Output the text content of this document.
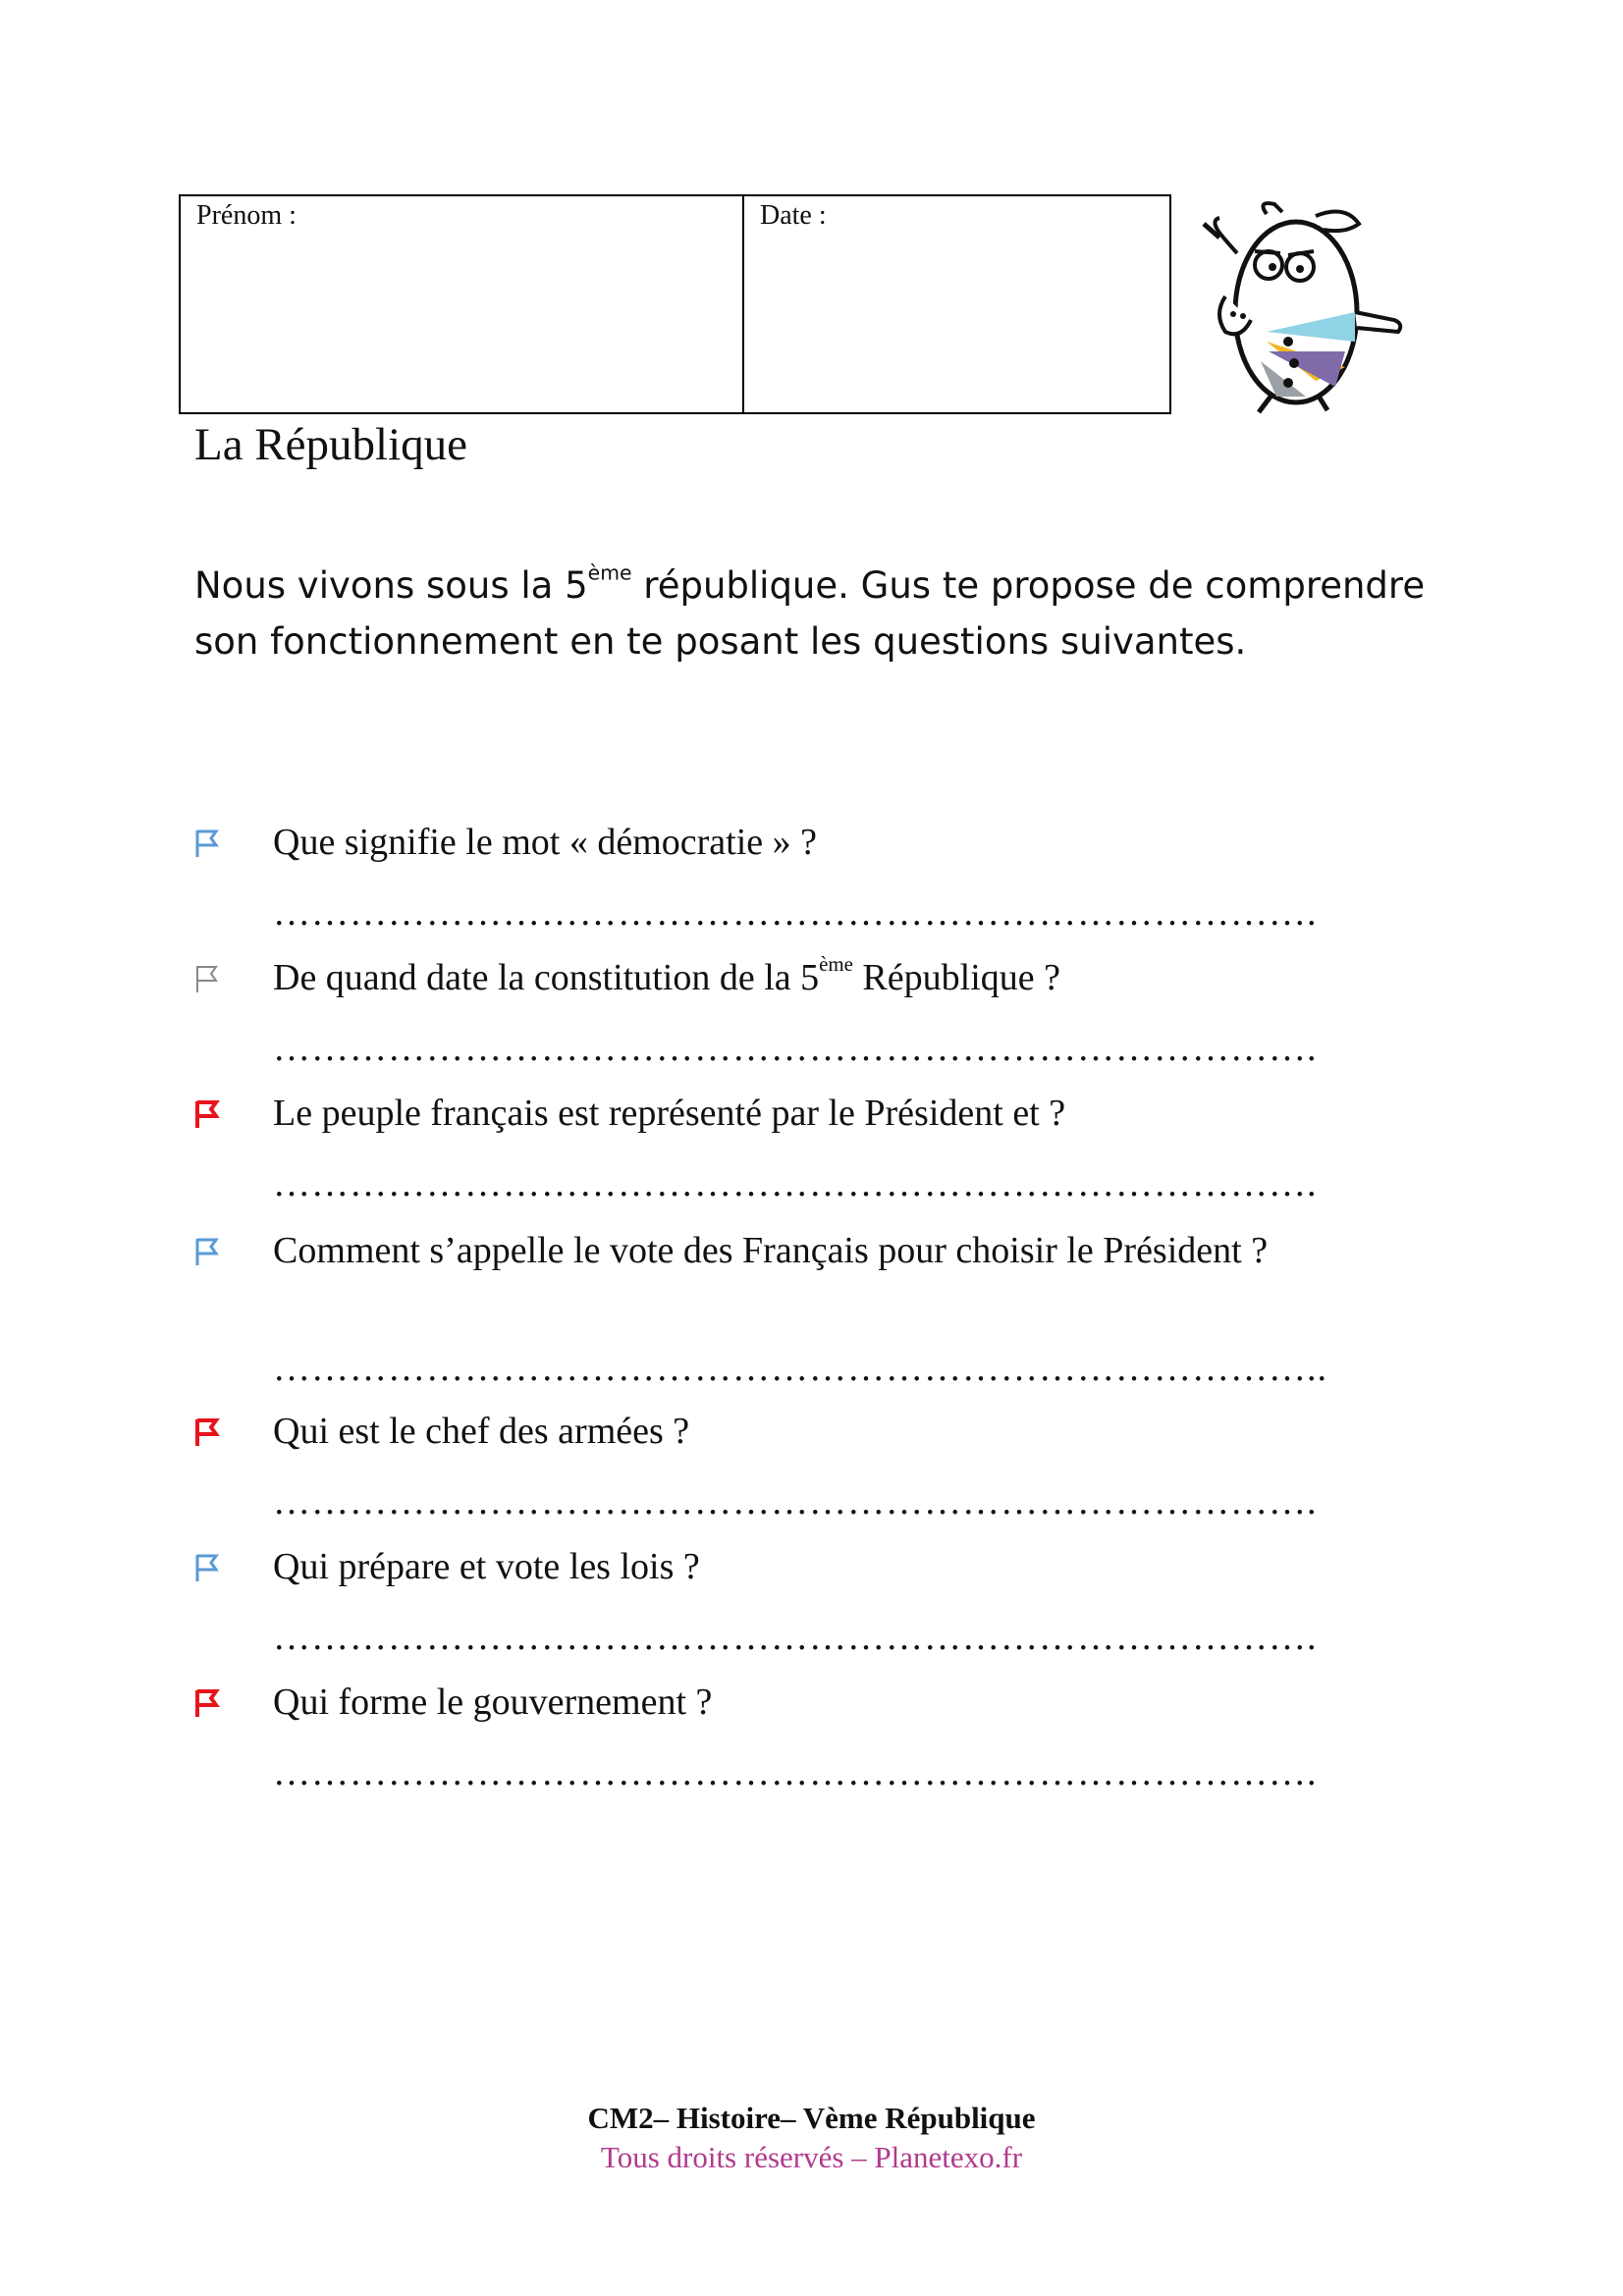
Prénom :	Date :
La République
Nous vivons sous la 5ème république. Gus te propose de comprendre son fonctionnement en te posant les questions suivantes.
Que signifie le mot « démocratie » ?
……………………………………………………………………….
De quand date la constitution de la 5ème République ?
……………………………………………………………………….
Le peuple français est représenté par le Président et ?
……………………………………………………………………….
Comment s’appelle le vote des Français pour choisir le Président ?
………………………………………………………………………..
Qui est le chef des armées ?
……………………………………………………………………….
Qui prépare et vote les lois ?
……………………………………………………………………….
Qui forme le gouvernement ?
……………………………………………………………………….
CM2– Histoire– Vème République
Tous droits réservés – Planetexo.fr
